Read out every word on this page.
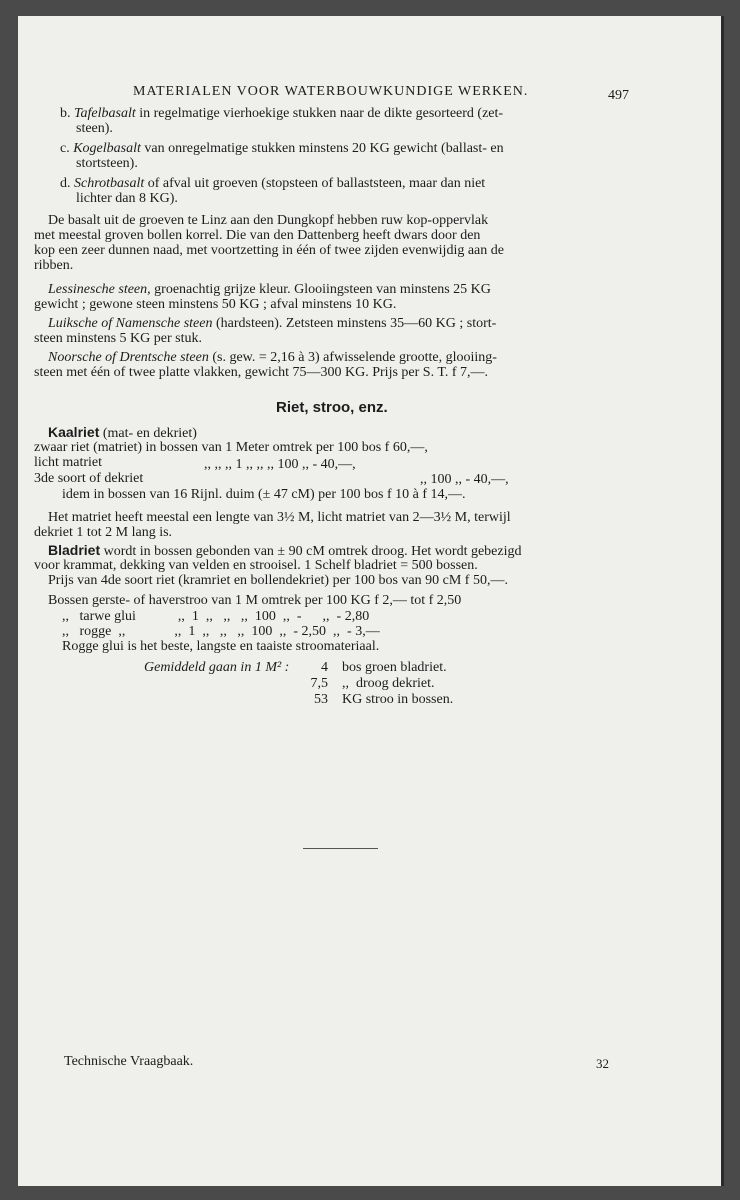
MATERIALEN VOOR WATERBOUWKUNDIGE WERKEN.	497
b. Tafelbasalt in regelmatige vierhoekige stukken naar de dikte gesorteerd (zet-
steen).
c. Kogelbasalt van onregelmatige stukken minstens 20 KG gewicht (ballast- en
stortsteen).
d. Schrotbasalt of afval uit groeven (stopsteen of ballaststeen, maar dan niet
lichter dan 8 KG).
De basalt uit de groeven te Linz aan den Dungkopf hebben ruw kop-oppervlak
met meestal groven bollen korrel. Die van den Dattenberg heeft dwars door den
kop een zeer dunnen naad, met voortzetting in één of twee zijden evenwijdig aan de
ribben.
Lessinesche steen, groenachtig grijze kleur. Glooiingsteen van minstens 25 KG
gewicht ; gewone steen minstens 50 KG ; afval minstens 10 KG.
Luiksche of Namensche steen (hardsteen). Zetsteen minstens 35—60 KG ; stort-
steen minstens 5 KG per stuk.
Noorsche of Drentsche steen (s. gew. = 2,16 à 3) afwisselende grootte, glooiing-
steen met één of twee platte vlakken, gewicht 75—300 KG. Prijs per S. T. f 7,—.
Riet, stroo, enz.
Kaalriet (mat- en dekriet)
zwaar riet (matriet) in bossen van 1 Meter omtrek per 100 bos f 60,—,
licht matriet	,, ,, ,, 1 ,, ,, ,, 100 ,, - 40,—,
3de soort of dekriet	,, 100 ,, - 40,—,
idem in bossen van 16 Rijnl. duim (± 47 cM) per 100 bos f 10 à f 14,—.
Het matriet heeft meestal een lengte van 3½ M, licht matriet van 2—3½ M, terwijl
dekriet 1 tot 2 M lang is.
Bladriet wordt in bossen gebonden van ± 90 cM omtrek droog. Het wordt gebezigd
voor krammat, dekking van velden en strooisel. 1 Schelf bladriet = 500 bossen.
Prijs van 4de soort riet (kramriet en bollendekriet) per 100 bos van 90 cM f 50,—.
Bossen gerste- of haverstroo van 1 M omtrek per 100 KG f 2,— tot f 2,50
,,   tarwe glui            ,,  1  ,,   ,,   ,,  100  ,,  -      ,,  - 2,80
,,   rogge  ,,              ,,  1  ,,   ,,   ,,  100  ,,  - 2,50  ,,  - 3,—
Rogge glui is het beste, langste en taaiste stroomateriaal.
Gemiddeld gaan in 1 M² :	4 bos groen bladriet.
7,5 ,,  droog dekriet.
53 KG stroo in bossen.
Technische Vraagbaak.	32
